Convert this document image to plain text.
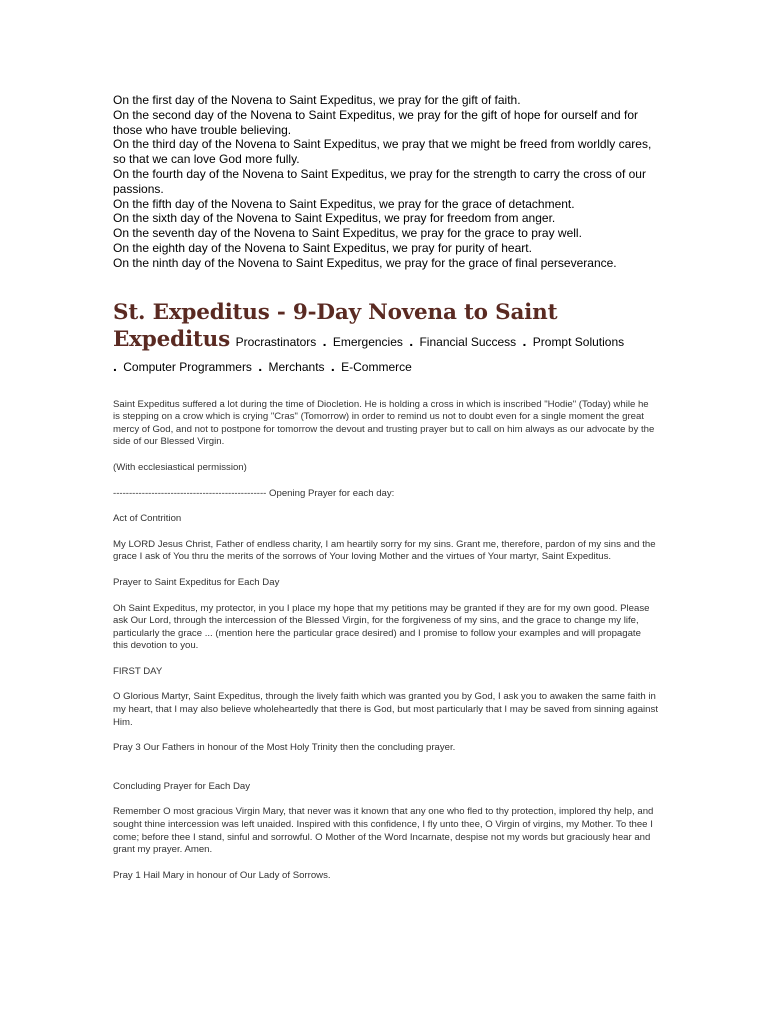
On the first day of the Novena to Saint Expeditus, we pray for the gift of faith.

On the second day of the Novena to Saint Expeditus, we pray for the gift of hope for ourself and for those who have trouble believing.

On the third day of the Novena to Saint Expeditus, we pray that we might be freed from worldly cares, so that we can love God more fully.

On the fourth day of the Novena to Saint Expeditus, we pray for the strength to carry the cross of our passions.

On the fifth day of the Novena to Saint Expeditus, we pray for the grace of detachment.

On the sixth day of the Novena to Saint Expeditus, we pray for freedom from anger.

On the seventh day of the Novena to Saint Expeditus, we pray for the grace to pray well.

On the eighth day of the Novena to Saint Expeditus, we pray for purity of heart.

On the ninth day of the Novena to Saint Expeditus, we pray for the grace of final perseverance.

St. Expeditus - 9-Day Novena to Saint Expeditus Procrastinators . Emergencies . Financial Success . Prompt Solutions
. Computer Programmers . Merchants . E-Commerce

Saint Expeditus suffered a lot during the time of Diocletion. He is holding a cross in which is inscribed "Hodie" (Today) while he is stepping on a crow which is crying "Cras" (Tomorrow) in order to remind us not to doubt even for a single moment the great mercy of God, and not to postpone for tomorrow the devout and trusting prayer but to call on him always as our advocate by the side of our Blessed Virgin.

(With ecclesiastical permission)

------------------------------------------------ Opening Prayer for each day:

Act of Contrition

My LORD Jesus Christ, Father of endless charity, I am heartily sorry for my sins. Grant me, therefore, pardon of my sins and the grace I ask of You thru the merits of the sorrows of Your loving Mother and the virtues of Your martyr, Saint Expeditus.

Prayer to Saint Expeditus for Each Day

Oh Saint Expeditus, my protector, in you I place my hope that my petitions may be granted if they are for my own good. Please ask Our Lord, through the intercession of the Blessed Virgin, for the forgiveness of my sins, and the grace to change my life, particularly the grace ... (mention here the particular grace desired) and I promise to follow your examples and will propagate this devotion to you.

FIRST DAY

O Glorious Martyr, Saint Expeditus, through the lively faith which was granted you by God, I ask you to awaken the same faith in my heart, that I may also believe wholeheartedly that there is God, but most particularly that I may be saved from sinning against Him.

Pray 3 Our Fathers in honour of the Most Holy Trinity then the concluding prayer.

Concluding Prayer for Each Day

Remember O most gracious Virgin Mary, that never was it known that any one who fled to thy protection, implored thy help, and sought thine intercession was left unaided. Inspired with this confidence, I fly unto thee, O Virgin of virgins, my Mother. To thee I come; before thee I stand, sinful and sorrowful. O Mother of the Word Incarnate, despise not my words but graciously hear and grant my prayer. Amen.

Pray 1 Hail Mary in honour of Our Lady of Sorrows.
